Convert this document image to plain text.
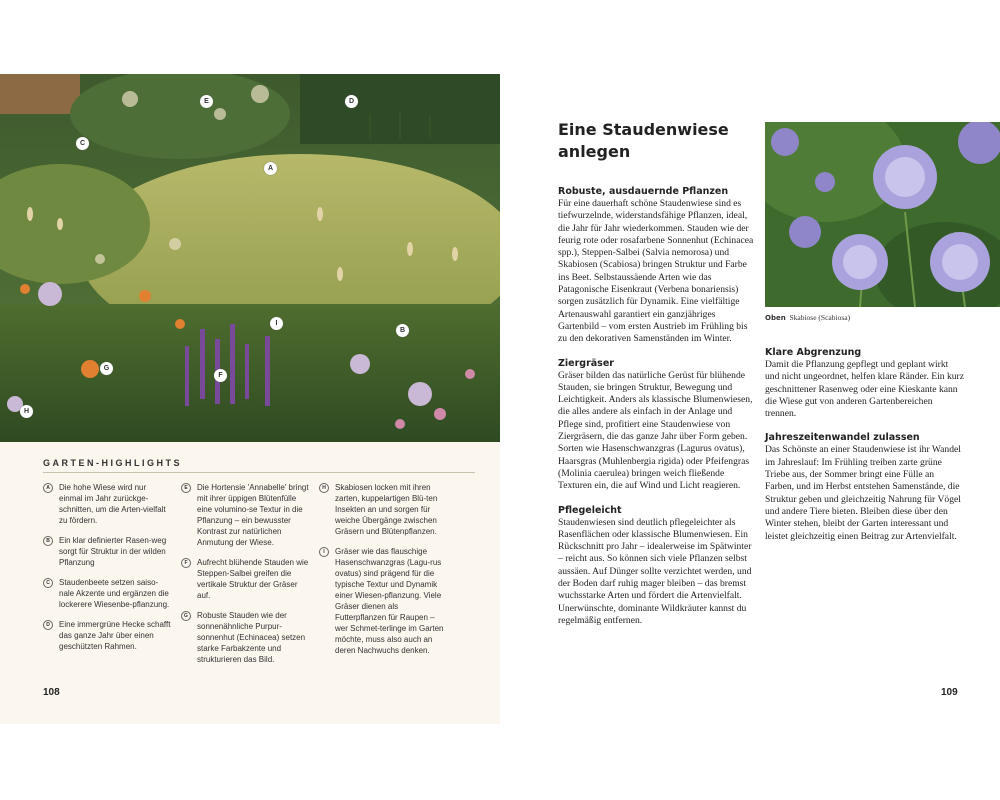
E	D
C
A
I
B
G
F
H
GARTEN-HIGHLIGHTS
A	Die hohe Wiese wird nur einmal im Jahr zurückge-schnitten, um die Arten-vielfalt zu fördern.
B	Ein klar definierter Rasen-weg sorgt für Struktur in der wilden Pflanzung
C	Staudenbeete setzen saiso-nale Akzente und ergänzen die lockerere Wiesenbe-pflanzung.
D	Eine immergrüne Hecke schafft das ganze Jahr über einen geschützten Rahmen.
E	Die Hortensie 'Annabelle' bringt mit ihrer üppigen Blütenfülle eine volumino-se Textur in die Pflanzung – ein bewusster Kontrast zur natürlichen Anmutung der Wiese.
F	Aufrecht blühende Stauden wie Steppen-Salbei greifen die vertikale Struktur der Gräser auf.
G	Robuste Stauden wie der sonnenähnliche Purpur-sonnenhut (Echinacea) setzen starke Farbakzente und strukturieren das Bild.
H	Skabiosen locken mit ihren zarten, kuppelartigen Blü-ten Insekten an und sorgen für weiche Übergänge zwischen Gräsern und Blütenpflanzen.
I	Gräser wie das flauschige Hasenschwanzgras (Lagu-rus ovatus) sind prägend für die typische Textur und Dynamik einer Wiesen-pflanzung. Viele Gräser dienen als Futterpflanzen für Raupen – wer Schmet-terlinge im Garten möchte, muss also auch an deren Nachwuchs denken.
108
Eine Staudenwiese
anlegen
Robuste, ausdauernde Pflanzen

Für eine dauerhaft schöne Staudenwiese sind es tiefwurzelnde, widerstandsfähige Pflanzen, ideal, die Jahr für Jahr wiederkommen. Stauden wie der feurig rote oder rosafarbene Sonnenhut (Echinacea spp.), Steppen-Salbei (Salvia nemorosa) und Skabiosen (Scabiosa) bringen Struktur und Farbe ins Beet. Selbstaussäende Arten wie das Patagonische Eisenkraut (Verbena bonariensis) sorgen zusätzlich für Dynamik. Eine vielfältige Artenauswahl garantiert ein ganzjähriges Gartenbild – vom ersten Austrieb im Frühling bis zu den dekorativen Samenständen im Winter.

Ziergräser

Gräser bilden das natürliche Gerüst für blühende Stauden, sie bringen Struktur, Bewegung und Leichtigkeit. Anders als klassische Blumenwiesen, die alles andere als einfach in der Anlage und Pflege sind, profitiert eine Staudenwiese von Ziergräsern, die das ganze Jahr über Form geben. Sorten wie Hasenschwanzgras (Lagurus ovatus), Haarsgras (Muhlenbergia rigida) oder Pfeifengras (Molinia caerulea) bringen weich fließende Texturen ein, die auf Wind und Licht reagieren.

Pflegeleicht

Staudenwiesen sind deutlich pflegeleichter als Rasenflächen oder klassische Blumenwiesen. Ein Rückschnitt pro Jahr – idealerweise im Spätwinter – reicht aus. So können sich viele Pflanzen selbst aussäen. Auf Dünger sollte verzichtet werden, und der Boden darf ruhig mager bleiben – das bremst wuchsstarke Arten und fördert die Artenvielfalt. Unerwünschte, dominante Wildkräuter kannst du regelmäßig entfernen.

Oben Skabiose (Scabiosa)
Klare Abgrenzung

Damit die Pflanzung gepflegt und geplant wirkt und nicht ungeordnet, helfen klare Ränder. Ein kurz geschnittener Rasenweg oder eine Kieskante kann die Wiese gut von anderen Gartenbereichen trennen.

Jahreszeitenwandel zulassen

Das Schönste an einer Staudenwiese ist ihr Wandel im Jahreslauf: Im Frühling treiben zarte grüne Triebe aus, der Sommer bringt eine Fülle an Farben, und im Herbst entstehen Samenstände, die Struktur geben und gleichzeitig Nahrung für Vögel und andere Tiere bieten. Bleiben diese über den Winter stehen, bleibt der Garten interessant und leistet gleichzeitig einen Beitrag zur Artenvielfalt.

109
